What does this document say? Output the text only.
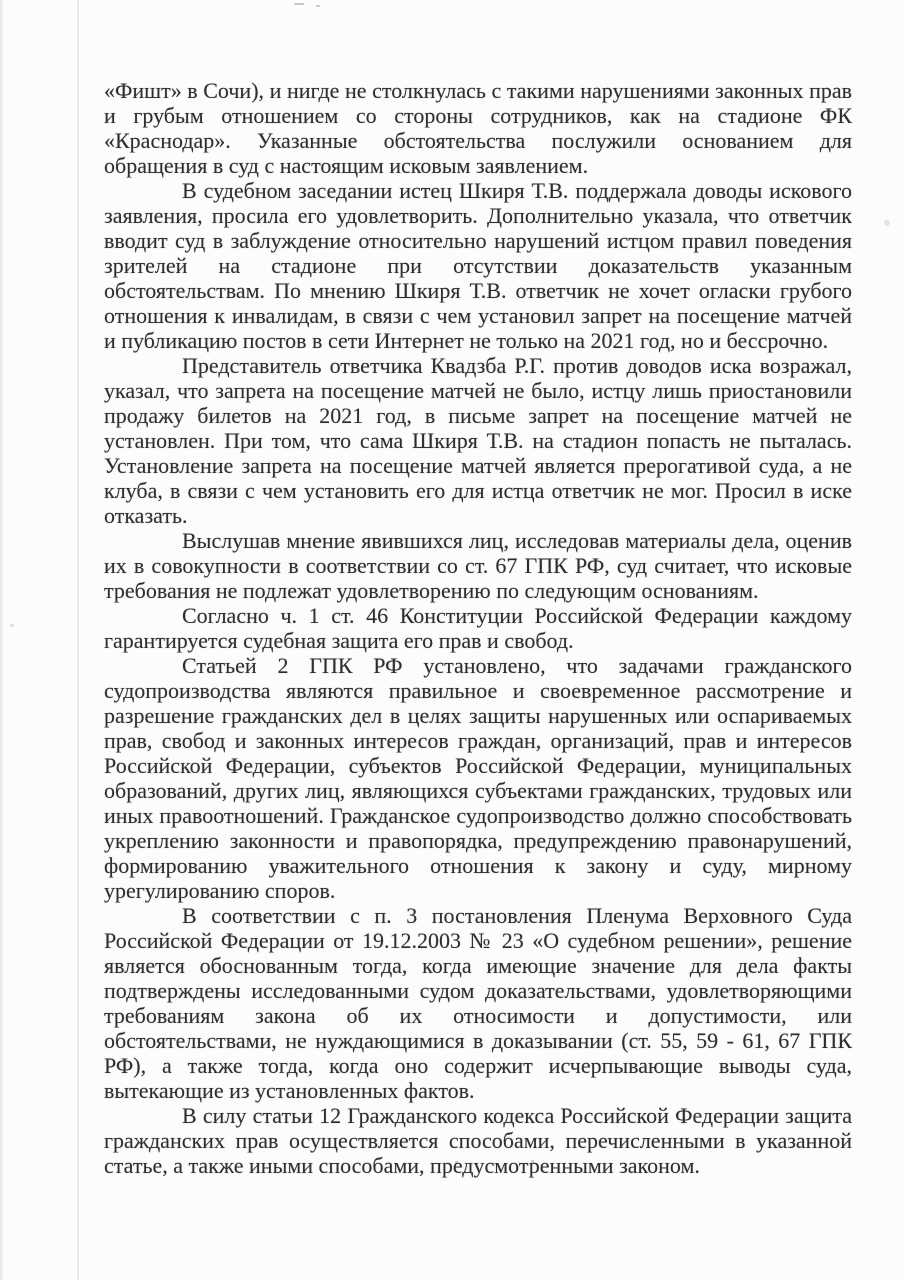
«Фишт» в Сочи), и нигде не столкнулась с такими нарушениями законных прав и грубым отношением со стороны сотрудников, как на стадионе ФК «Краснодар». Указанные обстоятельства послужили основанием для обращения в суд с настоящим исковым заявлением.

В судебном заседании истец Шкиря Т.В. поддержала доводы искового заявления, просила его удовлетворить. Дополнительно указала, что ответчик вводит суд в заблуждение относительно нарушений истцом правил поведения зрителей на стадионе при отсутствии доказательств указанным обстоятельствам. По мнению Шкиря Т.В. ответчик не хочет огласки грубого отношения к инвалидам, в связи с чем установил запрет на посещение матчей и публикацию постов в сети Интернет не только на 2021 год, но и бессрочно.

Представитель ответчика Квадзба Р.Г. против доводов иска возражал, указал, что запрета на посещение матчей не было, истцу лишь приостановили продажу билетов на 2021 год, в письме запрет на посещение матчей не установлен. При том, что сама Шкиря Т.В. на стадион попасть не пыталась. Установление запрета на посещение матчей является прерогативой суда, а не клуба, в связи с чем установить его для истца ответчик не мог. Просил в иске отказать.

Выслушав мнение явившихся лиц, исследовав материалы дела, оценив их в совокупности в соответствии со ст. 67 ГПК РФ, суд считает, что исковые требования не подлежат удовлетворению по следующим основаниям.

Согласно ч. 1 ст. 46 Конституции Российской Федерации каждому гарантируется судебная защита его прав и свобод.

Статьей 2 ГПК РФ установлено, что задачами гражданского судопроизводства являются правильное и своевременное рассмотрение и разрешение гражданских дел в целях защиты нарушенных или оспариваемых прав, свобод и законных интересов граждан, организаций, прав и интересов Российской Федерации, субъектов Российской Федерации, муниципальных образований, других лиц, являющихся субъектами гражданских, трудовых или иных правоотношений. Гражданское судопроизводство должно способствовать укреплению законности и правопорядка, предупреждению правонарушений, формированию уважительного отношения к закону и суду, мирному урегулированию споров.

В соответствии с п. 3 постановления Пленума Верховного Суда Российской Федерации от 19.12.2003 № 23 «О судебном решении», решение является обоснованным тогда, когда имеющие значение для дела факты подтверждены исследованными судом доказательствами, удовлетворяющими требованиям закона об их относимости и допустимости, или обстоятельствами, не нуждающимися в доказывании (ст. 55, 59 - 61, 67 ГПК РФ), а также тогда, когда оно содержит исчерпывающие выводы суда, вытекающие из установленных фактов.

В силу статьи 12 Гражданского кодекса Российской Федерации защита гражданских прав осуществляется способами, перечисленными в указанной статье, а также иными способами, предусмотренными законом.
